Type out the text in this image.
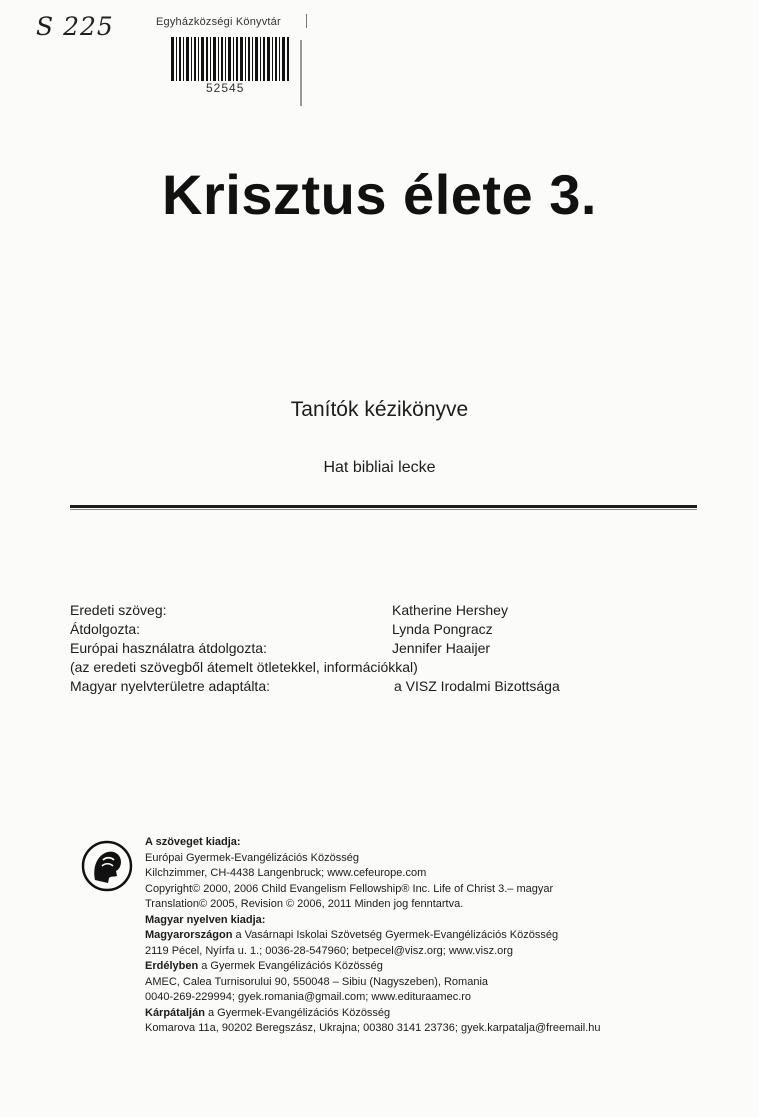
S 225	Egyházközségi Könyvtár
52545
Krisztus élete 3.
Tanítók kézikönyve
Hat bibliai lecke
Eredeti szöveg:	Katherine Hershey
Átdolgozta:	Lynda Pongracz
Európai használatra átdolgozta:	Jennifer Haaijer
(az eredeti szövegből átemelt ötletekkel, információkkal)
Magyar nyelvterületre adaptálta:	a VISZ Irodalmi Bizottsága
A szöveget kiadja:
Európai Gyermek-Evangélizációs Közösség
Kilchzimmer, CH-4438 Langenbruck; www.cefeurope.com
Copyright© 2000, 2006 Child Evangelism Fellowship® Inc. Life of Christ 3.– magyar
Translation© 2005, Revision © 2006, 2011 Minden jog fenntartva.
Magyar nyelven kiadja:
Magyarországon a Vasárnapi Iskolai Szövetség Gyermek-Evangélizációs Közösség
2119 Pécel, Nyírfa u. 1.; 0036-28-547960; betpecel@visz.org; www.visz.org
Erdélyben a Gyermek Evangélizációs Közösség
AMEC, Calea Turnisorului 90, 550048 – Sibiu (Nagyszeben), Romania
0040-269-229994; gyek.romania@gmail.com; www.edituraamec.ro
Kárpátalján a Gyermek-Evangélizációs Közösség
Komarova 11a, 90202 Beregszász, Ukrajna; 00380 3141 23736; gyek.karpatalja@freemail.hu
